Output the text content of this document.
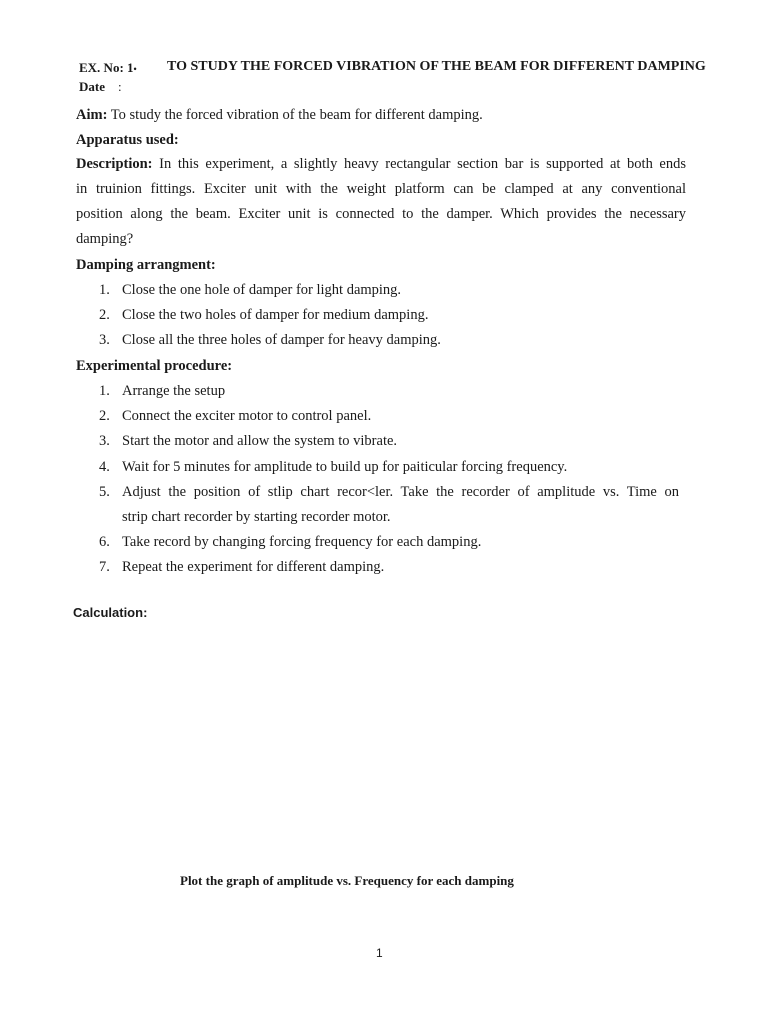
EX. No: 1• TO STUDY THE FORCED VIBRATION OF THE BEAM FOR DIFFERENT DAMPING
Date :
Aim: To study the forced vibration of the beam for different damping.
Apparatus used:
Description: In this experiment, a slightly heavy rectangular section bar is supported at both ends
in truinion fittings. Exciter unit with the weight platform can be clamped at any conventional
position along the beam. Exciter unit is connected to the damper. Which provides the necessary
damping?
Damping arrangment:
1. Close the one hole of damper for light damping.
2. Close the two holes of damper for medium damping.
3. Close all the three holes of damper for heavy damping.
Experimental procedure:
1. Arrange the setup
2. Connect the exciter motor to control panel.
3. Start the motor and allow the system to vibrate.
4. Wait for 5 minutes for amplitude to build up for paiticular forcing frequency.
5. Adjust the position of stlip chart recor<ler. Take the recorder of amplitude vs. Time on
strip chart recorder by starting recorder motor.
6. Take record by changing forcing frequency for each damping.
7. Repeat the experiment for different damping.
Calculation:
Plot the graph of amplitude vs. Frequency for each damping
1
